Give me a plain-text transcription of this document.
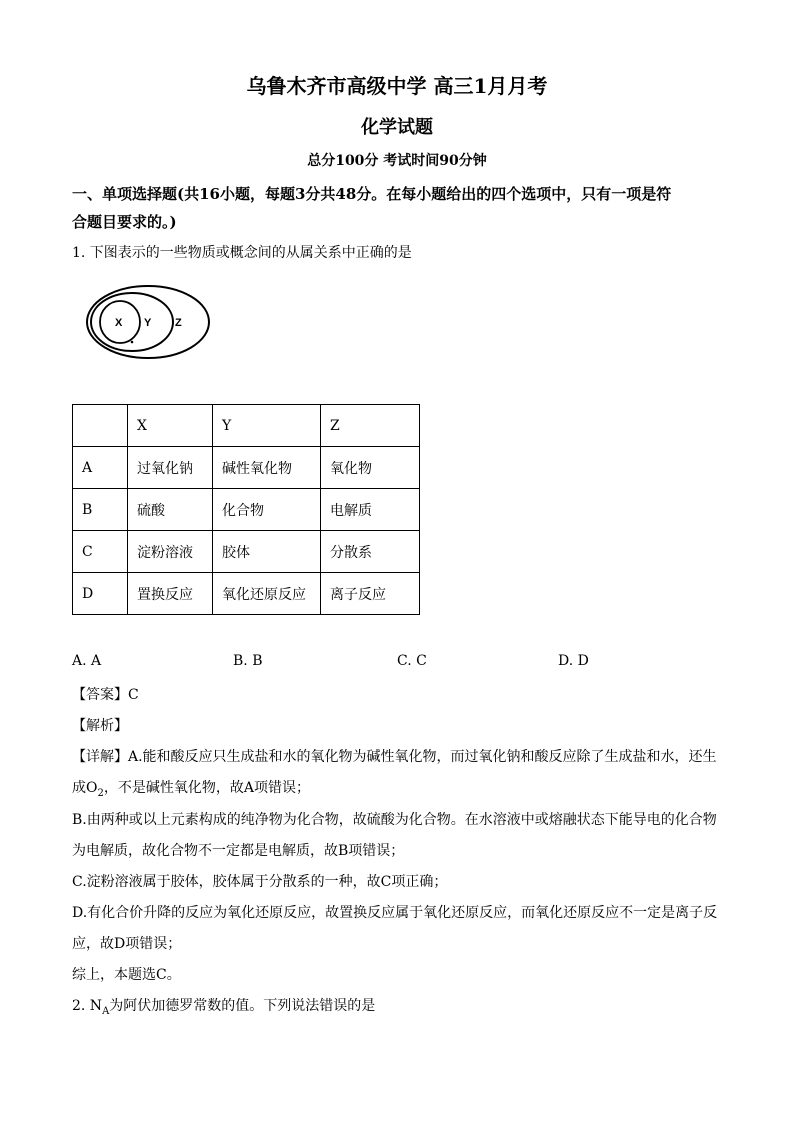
乌鲁木齐市高级中学 高三1月月考
化学试题
总分100分 考试时间90分钟
一、单项选择题(共16小题，每题3分共48分。在每小题给出的四个选项中，只有一项是符
合题目要求的。)
1. 下图表示的一些物质或概念间的从属关系中正确的是
X Y Z
	X	Y	Z
A	过氧化钠	碱性氧化物	氧化物
B	硫酸	化合物	电解质
C	淀粉溶液	胶体	分散系
D	置换反应	氧化还原反应	离子反应
A. A	B. B	C. C	D. D
【答案】C
【解析】
【详解】A.能和酸反应只生成盐和水的氧化物为碱性氧化物，而过氧化钠和酸反应除了生成盐和水，还生
成$O_2$，不是碱性氧化物，故A项错误；
B.由两种或以上元素构成的纯净物为化合物，故硫酸为化合物。在水溶液中或熔融状态下能导电的化合物
为电解质，故化合物不一定都是电解质，故B项错误；
C.淀粉溶液属于胶体，胶体属于分散系的一种，故C项正确；
D.有化合价升降的反应为氧化还原反应，故置换反应属于氧化还原反应，而氧化还原反应不一定是离子反
应，故D项错误；
综上，本题选C。
2. $N_A$为阿伏加德罗常数的值。下列说法错误的是
